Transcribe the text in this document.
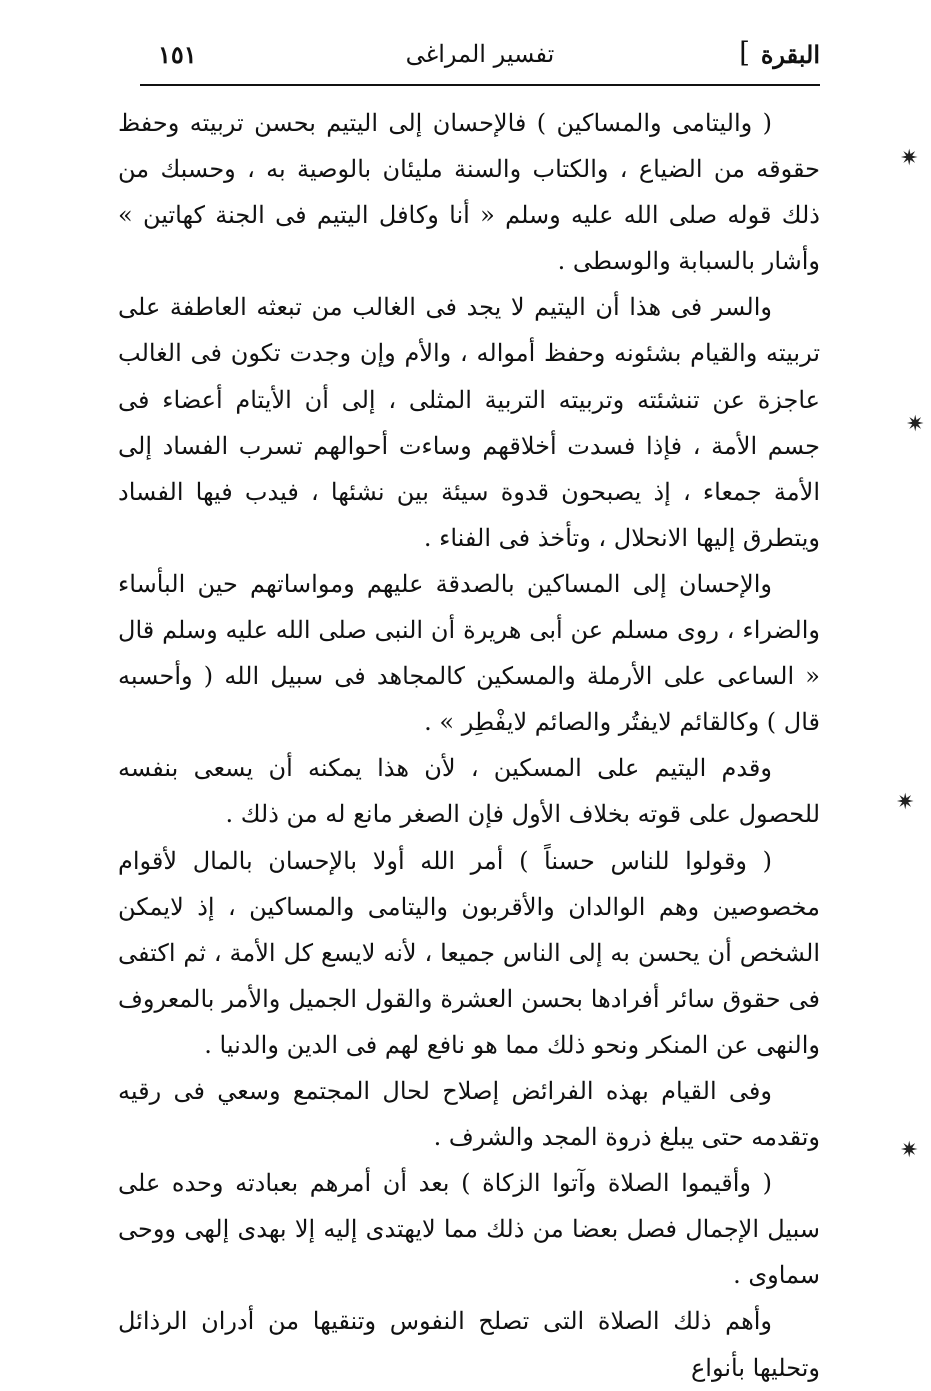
البقرة
]
تفسير المراغى
١٥١

( واليتامى والمساكين ) فالإحسان إلى اليتيم بحسن تربيته وحفظ حقوقه من الضياع ، والكتاب والسنة مليئان بالوصية به ، وحسبك من ذلك قوله صلى الله عليه وسلم « أنا وكافل اليتيم فى الجنة كهاتين » وأشار بالسبابة والوسطى .

والسر فى هذا أن اليتيم لا يجد فى الغالب من تبعثه العاطفة على تربيته والقيام بشئونه وحفظ أمواله ، والأم وإن وجدت تكون فى الغالب عاجزة عن تنشئته وتربيته التربية المثلى ، إلى أن الأيتام أعضاء فى جسم الأمة ، فإذا فسدت أخلاقهم وساءت أحوالهم تسرب الفساد إلى الأمة جمعاء ، إذ يصبحون قدوة سيئة بين نشئها ، فيدب فيها الفساد ويتطرق إليها الانحلال ، وتأخذ فى الفناء .

والإحسان إلى المساكين بالصدقة عليهم ومواساتهم حين البأساء والضراء ، روى مسلم عن أبى هريرة أن النبى صلى الله عليه وسلم قال « الساعى على الأرملة والمسكين كالمجاهد فى سبيل الله ( وأحسبه قال ) وكالقائم لايفتُر والصائم لايفْطِر » .

وقدم اليتيم على المسكين ، لأن هذا يمكنه أن يسعى بنفسه للحصول على قوته بخلاف الأول فإن الصغر مانع له من ذلك .

( وقولوا للناس حسناً ) أمر الله أولا بالإحسان بالمال لأقوام مخصوصين وهم الوالدان والأقربون واليتامى والمساكين ، إذ لايمكن الشخص أن يحسن به إلى الناس جميعا ، لأنه لايسع كل الأمة ، ثم اكتفى فى حقوق سائر أفرادها بحسن العشرة والقول الجميل والأمر بالمعروف والنهى عن المنكر ونحو ذلك مما هو نافع لهم فى الدين والدنيا .

وفى القيام بهذه الفرائض إصلاح لحال المجتمع وسعي فى رقيه وتقدمه حتى يبلغ ذروة المجد والشرف .

( وأقيموا الصلاة وآتوا الزكاة ) بعد أن أمرهم بعبادته وحده على سبيل الإجمال فصل بعضا من ذلك مما لايهتدى إليه إلا بهدى إلهى ووحى سماوى .

وأهم ذلك الصلاة التى تصلح النفوس وتنقيها من أدران الرذائل وتحليها بأنواع

✷
✷
✷
✷
